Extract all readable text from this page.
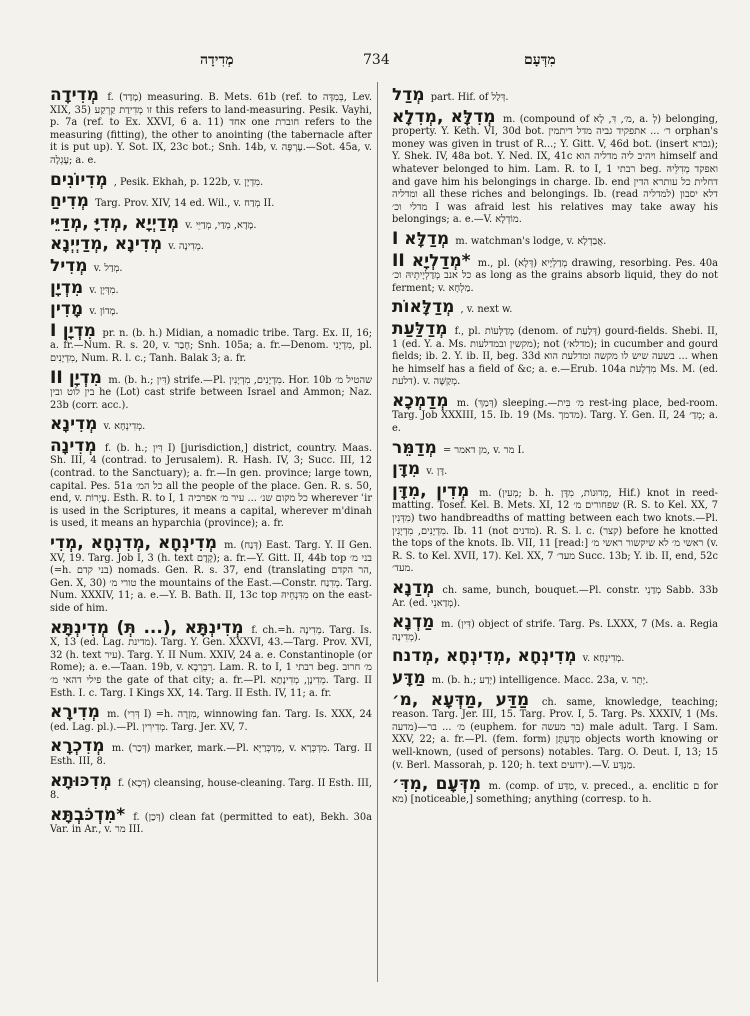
מְדִידָה	734	מִדְּעָם

מְדִידָה f. (מָדַד) measuring. B. Mets. 61b (ref. to בְּמִדָּה, Lev. XIX, 35) זו מְדִידַת קַרְקַע this refers to land-measuring. Pesik. Vayhi, p. 7a (ref. to Ex. XXVI, 6 a. 11) אחד one חוברת refers to the measuring (fitting), the other to anointing (the tabernacle after it is put up). Y. Sot. IX, 23c bot.; Snh. 14b, v. עֶרְפָּה.—Sot. 45a, v. עֶגְלָה; a. e.

מְדִיוֹנִים , Pesik. Ekhah, p. 122b, v. מִדְיָן.

מְדִיחַ Targ. Prov. XIV, 14 ed. Wil., v. מְדַח II.

מְדַיְיָא ,מְדִיָּ ,מְדַיֵּי v. מָדָא, מְדַי, מְדַיֵּי.

מְדִינָא ,מְדַיְיְנָא v. מְדִינָה.

מְדִיל v. מְדַל.

מִדְיָן v. מִדְּיָן.

מָדִין v. מָדוֹן.

מִדְיָן I pr. n. (b. h.) Midian, a nomadic tribe. Targ. Ex. II, 16; a. fr.—Num. R. s. 20, v. חָבַר; Snh. 105a; a. fr.—Denom. מִדְיָנִי, pl. מִדְיָנִים, Num. R. l. c.; Tanh. Balak 3; a. fr.

מִדְיָן II m. (b. h.; דִּין) strife.—Pl. מִדְיָנִים, מִדְיָנִין. Hor. 10b שהטיל מ׳ בין לוט ובין he (Lot) cast strife between Israel and Ammon; Naz. 23b (corr. acc.).

מְדִינָא v. מְדִינְחָא.

מְדִינָה f. (b. h.; דִּין I) [jurisdiction,] district, country. Maas. Sh. III, 4 (contrad. to Jerusalem). R. Hash. IV, 3; Succ. III, 12 (contrad. to the Sanctuary); a. fr.—In gen. province; large town, capital. Pes. 51a כל המ׳ all the people of the place. Gen. R. s. 50, end, v. עֲיָרוֹת. Esth. R. to I, 1 כל מקום שנ׳ ... עיר מ׳ אפרכיה wherever ʿir is used in the Scriptures, it means a capital, wherever m'dinah is used, it means an hyparchia (province); a. fr.

מְדִינְחָא ,מְדִנְחָא ,מְדִי m. (דְּנַח) East. Targ. Y. II Gen. XV, 19. Targ. Job I, 3 (h. text קֶדֶם); a. fr.—Y. Gitt. II, 44b top בני מ׳ (=h. בני קדם) nomads. Gen. R. s. 37, end (translating הר הקדם, Gen. X, 30) טורי מ׳ the mountains of the East.—Constr. מְדִנַח. Targ. Num. XXXIV, 11; a. e.—Y. B. Bath. II, 13c top מִדִּנְחֵיהּ on the east-side of him.

מְדִינְתָּא ,(... תְּ) מְדִינְתָּא f. ch.=h. מְדִינָה. Targ. Is. X, 13 (ed. Lag. מדינת). Targ. Y. Gen. XXXVI, 43.—Targ. Prov. XVI, 32 (h. text עיר). Targ. Y. II Num. XXIV, 24 a. e. Constantinople (or Rome); a. e.—Taan. 19b, v. רַבְרְבָא. Lam. R. to I, 1 רבתי beg. מ׳ חרוב פילי דהאי מ׳ the gate of that city; a. fr.—Pl. מְדִינָן, מְדִינָתָא. Targ. II Esth. I. c. Targ. I Kings XX, 14. Targ. II Esth. IV, 11; a. fr.

מְדִירָא m. (דְּרִי I) =h. מִזְרֶה, winnowing fan. Targ. Is. XXX, 24 (ed. Lag. pl.).—Pl. מְדִירִין. Targ. Jer. XV, 7.

מְדִכְרָא m. (דְּכַר) marker, mark.—Pl. מְדַכְּרַיָּא, v. מִדְכְּרָא. Targ. II Esth. III, 8.

מְדִכּוּתָא f. (דְּכָא) cleansing, house-cleaning. Targ. II Esth. III, 8.

*מִדְכֹּבְתָּא f. (דְּכַן) clean fat (permitted to eat), Bekh. 30a Var. in Ar., v. מר III.

מְדַל part. Hif. of דְּלַל.

מְדִלָּא ,מְדִלָא m. (compound of מ׳, דִּ, לָא, a. לְ) belonging, property. Y. Keth. VI, 30d bot. ר׳ ... אתפקיד גביה מדל דיתמין orphan's money was given in trust of R...; Y. Gitt. V, 46d bot. (insert גברא); Y. Shek. IV, 48a bot. Y. Ned. IX, 41c ויהיב ליה מדליה הוא himself and whatever belonged to him. Lam. R. to I, 1 רבתי beg. ואפקד מְדִלֵּיהּ and gave him his belongings in charge. Ib. end דחלית כל עותרא הדין ומדליה all these riches and belongings. Ib. (read למדליה) דלא יסבון מדלי וכ׳ I was afraid lest his relatives may take away his belongings; a. e.—V. מוֹדְלָא.

מְדַלָּא I m. watchman's lodge, v. אֲבַדְלָא.

*מְדַלְיָא II m., pl. מְדַלְיָיא (דְּלָא) drawing, resorbing. Pes. 40a כל אנב מְדַלְיָיתֵיהּ וכ׳ as long as the grains absorb liquid, they do not ferment; v. מַלְחָא.

מְדַלָּאוֹת , v. next w.

מְדַלַּעַת f., pl. מְדַלְּעוֹת (denom. of דְּלַעַת) gourd-fields. Shebi. II, 1 (ed. Y. a. Ms. מקשין ובמדלעות); not (מדלא׳); in cucumber and gourd fields; ib. 2. Y. ib. II, beg. 33d בשעה שיש לו מקשה ומדלעת הוא ... when he himself has a field of &c; a. e.—Erub. 104a מִדְלָעֹת Ms. M. (ed. דלעת). v. מְקַשָּׁה.

מְדַמְכָא m. (דְּמַךְ) sleeping.—מִ׳ בִּית rest-ing place, bed-room. Targ. Job XXXIII, 15. Ib. 19 (Ms. מדמך). Targ. Y. Gen. II, 24 מְדַ׳; a. e.

מְדַמֵּר = מן דאמר, v. מר I.

מִדָּן v. דָּן.

מְדִין ,מִדָּן m. (מְעִין; b. h. מְדוּנוֹת, מִדָּן, Hif.) knot in reed-matting. Tosef. Kel. B. Mets. XI, 12 שפחורים מ׳ (R. S. to Kel. XX, 7 מִדְּנִין) two handbreadths of matting between each two knots.—Pl. מִדְיָנִים, מִדְיָנִין. Ib. 11 (not מדנים). R. S. l. c. (קצר) before he knotted the tops of the knots. Ib. VII, 11 [read:] ראשי מ׳ לא שיקשור ראשי מ׳ (v. R. S. to Kel. XVII, 17). Kel. XX, 7 מעד׳ Succ. 13b; Y. ib. II, end, 52c מעד׳.

מְדַנָא ch. same, bunch, bouquet.—Pl. constr. מְדַנֵי Sabb. 33b Ar. (ed. מְדַאנֵי).

מַדְנָא m. (דִּין) object of strife. Targ. Ps. LXXX, 7 (Ms. a. Regia מְדִינָה).

מְדִינְחָא ,מְדִינְחָא ,מְדנח v. מְדִינְחָא.

מַדָּע m. (b. h.; יְדַע) intelligence. Macc. 23a, v. יָתֵר.

מַדַּע ,מַדְּעָא ,מ׳ ch. same, knowledge, teaching; reason. Targ. Jer. III, 15. Targ. Prov. I, 5. Targ. Ps. XXXIV, 1 (Ms. מדעה)—מ׳ ... בר (euphem. for בר מעשה) male adult. Targ. I Sam. XXV, 22; a. fr.—Pl. (fem. form) מַדָּעְתָּן objects worth knowing or well-known, (used of persons) notables. Targ. O. Deut. I, 13; 15 (v. Berl. Massorah, p. 120; h. text ידועים).—V. מַנְדַּע.

מִדְּעָם ,מִדִּ׳ m. (comp. of מַדַּע, v. preced., a. enclitic ם for מא) [noticeable,] something; anything (corresp. to h.
